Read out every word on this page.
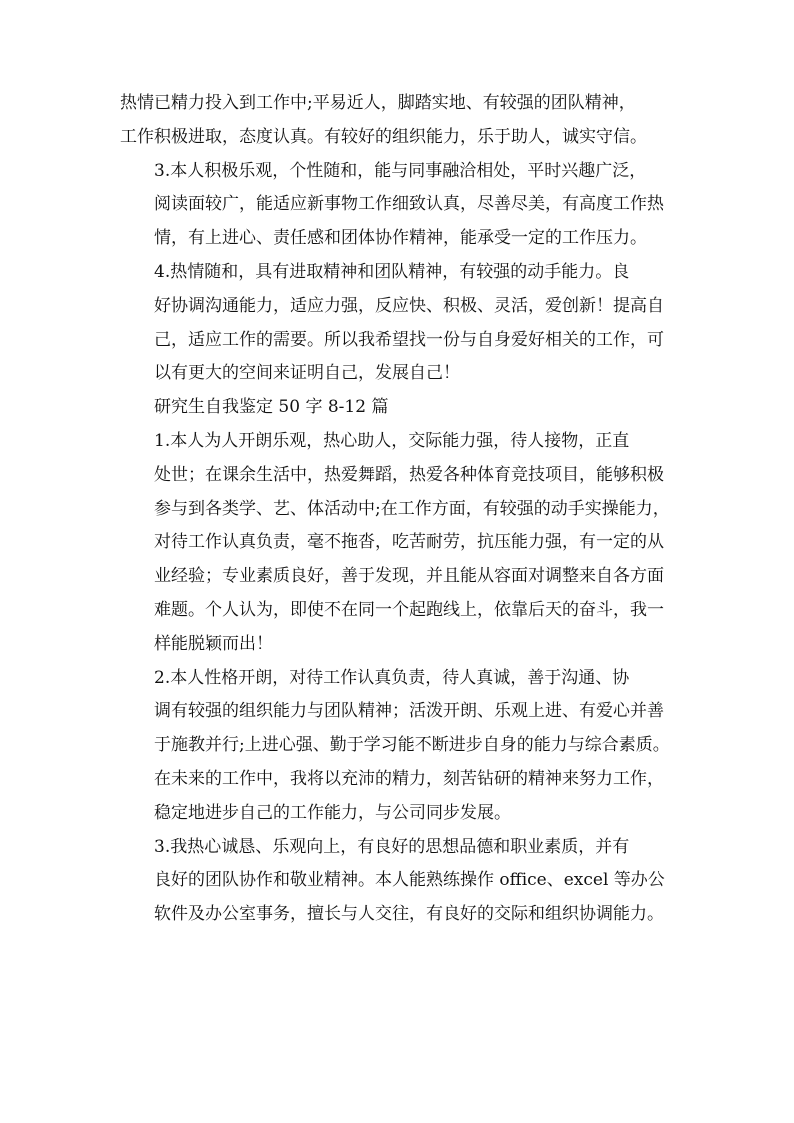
热情已精力投入到工作中;平易近人，脚踏实地、有较强的团队精神，
工作积极进取，态度认真。有较好的组织能力，乐于助人，诚实守信。

3.本人积极乐观，个性随和，能与同事融洽相处，平时兴趣广泛，
阅读面较广，能适应新事物工作细致认真，尽善尽美，有高度工作热
情，有上进心、责任感和团体协作精神，能承受一定的工作压力。

4.热情随和，具有进取精神和团队精神，有较强的动手能力。良
好协调沟通能力，适应力强，反应快、积极、灵活，爱创新！提高自
己，适应工作的需要。所以我希望找一份与自身爱好相关的工作，可
以有更大的空间来证明自己，发展自己！

研究生自我鉴定 50 字 8-12 篇

1.本人为人开朗乐观，热心助人，交际能力强，待人接物，正直
处世；在课余生活中，热爱舞蹈，热爱各种体育竞技项目，能够积极
参与到各类学、艺、体活动中;在工作方面，有较强的动手实操能力，
对待工作认真负责，毫不拖沓，吃苦耐劳，抗压能力强，有一定的从
业经验；专业素质良好，善于发现，并且能从容面对调整来自各方面
难题。个人认为，即使不在同一个起跑线上，依靠后天的奋斗，我一
样能脱颖而出！

2.本人性格开朗，对待工作认真负责，待人真诚，善于沟通、协
调有较强的组织能力与团队精神；活泼开朗、乐观上进、有爱心并善
于施教并行;上进心强、勤于学习能不断进步自身的能力与综合素质。
在未来的工作中，我将以充沛的精力，刻苦钻研的精神来努力工作，
稳定地进步自己的工作能力，与公司同步发展。

3.我热心诚恳、乐观向上，有良好的思想品德和职业素质，并有
良好的团队协作和敬业精神。本人能熟练操作 office、excel 等办公
软件及办公室事务，擅长与人交往，有良好的交际和组织协调能力。
